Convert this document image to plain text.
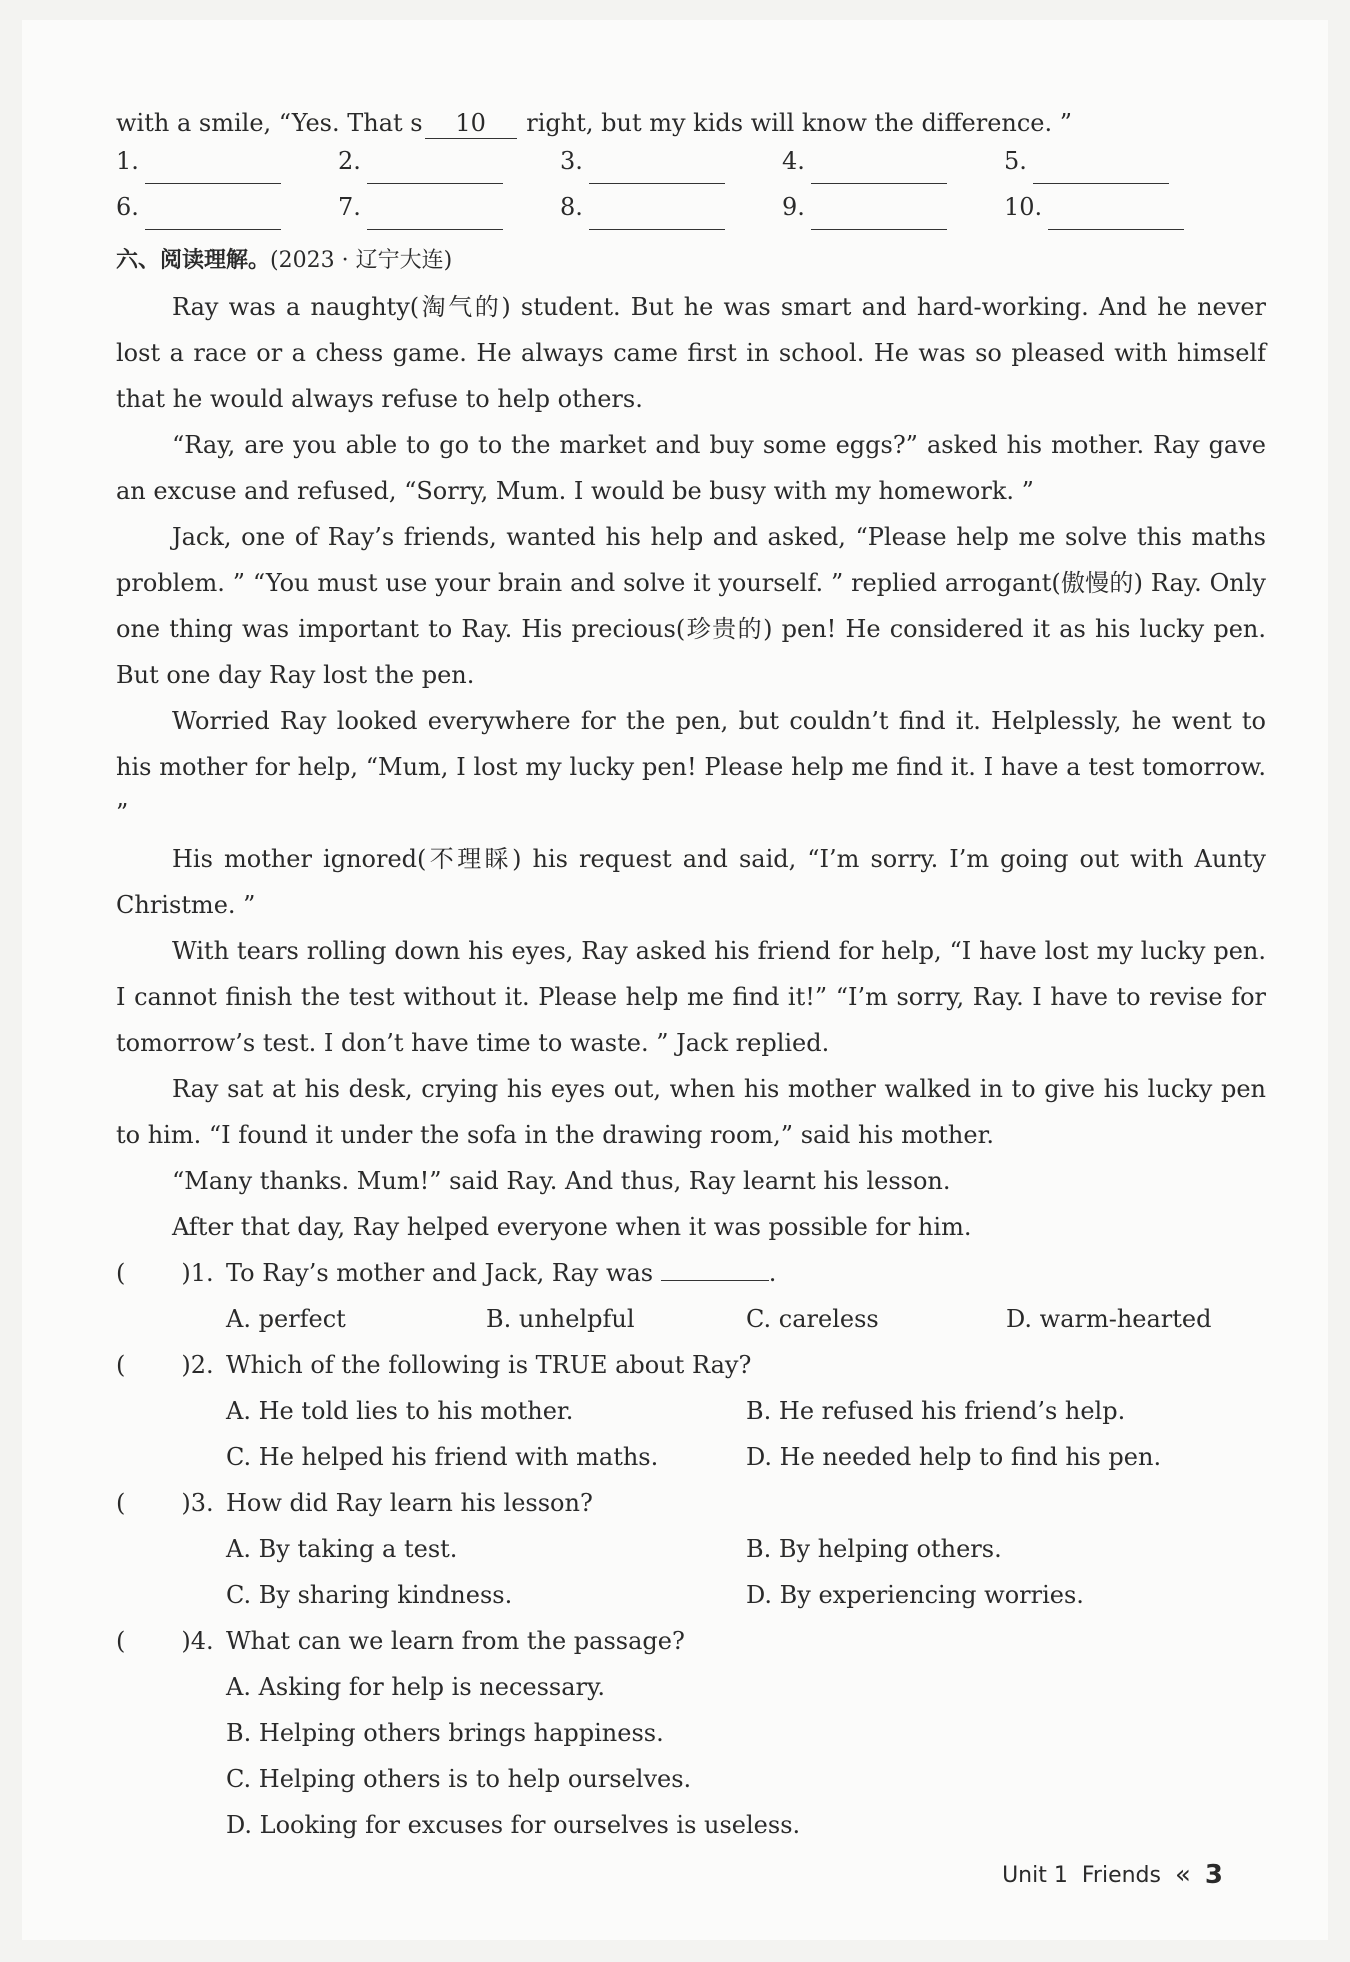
with a smile, “Yes. That s 10 right, but my kids will know the difference. ”
1.	2.	3.	4.	5.
6.	7.	8.	9.	10.
六、阅读理解。(2023 · 辽宁大连)

Ray was a naughty(淘气的) student. But he was smart and hard-working. And he never lost a race or a chess game. He always came first in school. He was so pleased with himself that he would always refuse to help others.

“Ray, are you able to go to the market and buy some eggs?” asked his mother. Ray gave an excuse and refused, “Sorry, Mum. I would be busy with my homework. ”

Jack, one of Ray’s friends, wanted his help and asked, “Please help me solve this maths problem. ” “You must use your brain and solve it yourself. ” replied arrogant(傲慢的) Ray. Only one thing was important to Ray. His precious(珍贵的) pen! He considered it as his lucky pen. But one day Ray lost the pen.

Worried Ray looked everywhere for the pen, but couldn’t find it. Helplessly, he went to his mother for help, “Mum, I lost my lucky pen! Please help me find it. I have a test tomorrow. ”

His mother ignored(不理睬) his request and said, “I’m sorry. I’m going out with Aunty Christme. ”

With tears rolling down his eyes, Ray asked his friend for help, “I have lost my lucky pen. I cannot finish the test without it. Please help me find it!” “I’m sorry, Ray. I have to revise for tomorrow’s test. I don’t have time to waste. ” Jack replied.

Ray sat at his desk, crying his eyes out, when his mother walked in to give his lucky pen to him. “I found it under the sofa in the drawing room,” said his mother.

“Many thanks. Mum!” said Ray. And thus, Ray learnt his lesson.

After that day, Ray helped everyone when it was possible for him.

( )1. To Ray’s mother and Jack, Ray was	.
A. perfect	B. unhelpful	C. careless	D. warm-hearted
( )2. Which of the following is TRUE about Ray?
A. He told lies to his mother.	B. He refused his friend’s help.
C. He helped his friend with maths.	D. He needed help to find his pen.
( )3. How did Ray learn his lesson?
A. By taking a test.	B. By helping others.
C. By sharing kindness.	D. By experiencing worries.
( )4. What can we learn from the passage?
A. Asking for help is necessary.
B. Helping others brings happiness.
C. Helping others is to help ourselves.
D. Looking for excuses for ourselves is useless.
Unit 1 Friends « 3
